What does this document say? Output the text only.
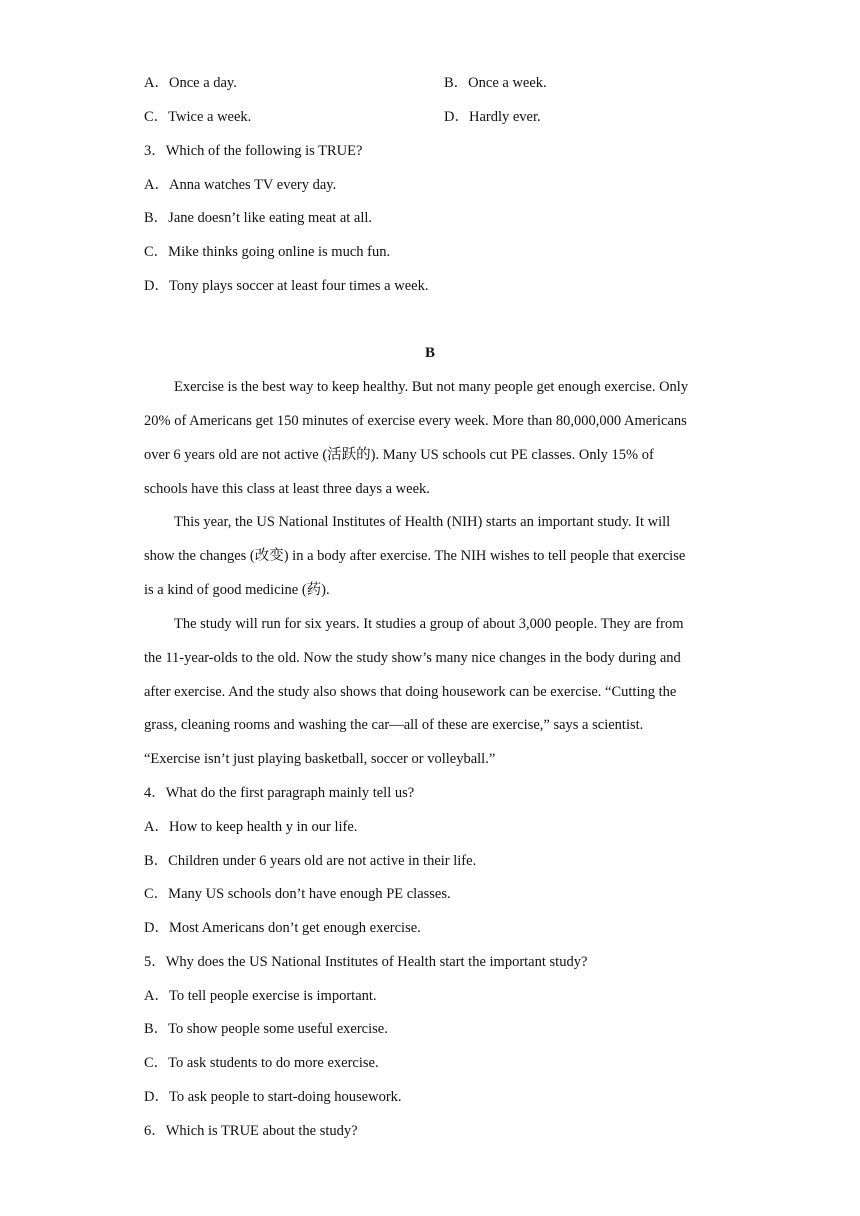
A．Once a day.	B．Once a week.
C．Twice a week.	D．Hardly ever.
3．Which of the following is TRUE?
A．Anna watches TV every day.
B．Jane doesn’t like eating meat at all.
C．Mike thinks going online is much fun.
D．Tony plays soccer at least four times a week.
B
Exercise is the best way to keep healthy. But not many people get enough exercise. Only
20% of Americans get 150 minutes of exercise every week. More than 80,000,000 Americans
over 6 years old are not active (活跃的). Many US schools cut PE classes. Only 15% of
schools have this class at least three days a week.
This year, the US National Institutes of Health (NIH) starts an important study. It will
show the changes (改变) in a body after exercise. The NIH wishes to tell people that exercise
is a kind of good medicine (药).
The study will run for six years. It studies a group of about 3,000 people. They are from
the 11-year-olds to the old. Now the study show’s many nice changes in the body during and
after exercise. And the study also shows that doing housework can be exercise. “Cutting the
grass, cleaning rooms and washing the car—all of these are exercise,” says a scientist.
“Exercise isn’t just playing basketball, soccer or volleyball.”
4．What do the first paragraph mainly tell us?
A．How to keep health y in our life.
B．Children under 6 years old are not active in their life.
C．Many US schools don’t have enough PE classes.
D．Most Americans don’t get enough exercise.
5．Why does the US National Institutes of Health start the important study?
A．To tell people exercise is important.
B．To show people some useful exercise.
C．To ask students to do more exercise.
D．To ask people to start-doing housework.
6．Which is TRUE about the study?
